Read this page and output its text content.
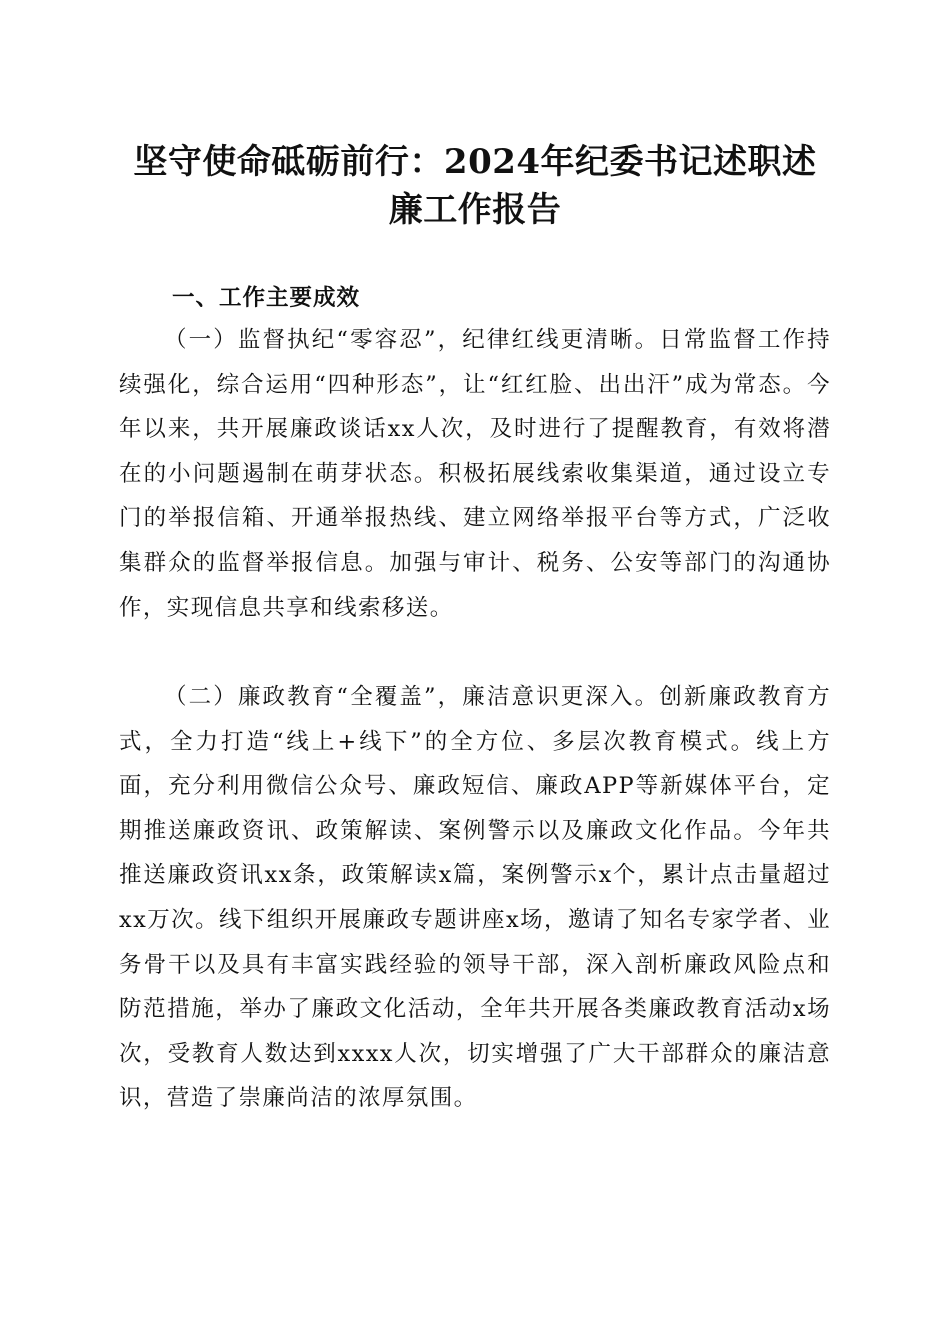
坚守使命砥砺前行：2024年纪委书记述职述
廉工作报告
一、工作主要成效

（一）监督执纪“零容忍”，纪律红线更清晰。日常监督工作持续强化，综合运用“四种形态”，让“红红脸、出出汗”成为常态。今年以来，共开展廉政谈话xx人次，及时进行了提醒教育，有效将潜在的小问题遏制在萌芽状态。积极拓展线索收集渠道，通过设立专门的举报信箱、开通举报热线、建立网络举报平台等方式，广泛收集群众的监督举报信息。加强与审计、税务、公安等部门的沟通协作，实现信息共享和线索移送。

（二）廉政教育“全覆盖”，廉洁意识更深入。创新廉政教育方式，全力打造“线上+线下”的全方位、多层次教育模式。线上方面，充分利用微信公众号、廉政短信、廉政APP等新媒体平台，定期推送廉政资讯、政策解读、案例警示以及廉政文化作品。今年共推送廉政资讯xx条，政策解读x篇，案例警示x个，累计点击量超过xx万次。线下组织开展廉政专题讲座x场，邀请了知名专家学者、业务骨干以及具有丰富实践经验的领导干部，深入剖析廉政风险点和防范措施，举办了廉政文化活动，全年共开展各类廉政教育活动x场次，受教育人数达到xxxx人次，切实增强了广大干部群众的廉洁意识，营造了崇廉尚洁的浓厚氛围。
